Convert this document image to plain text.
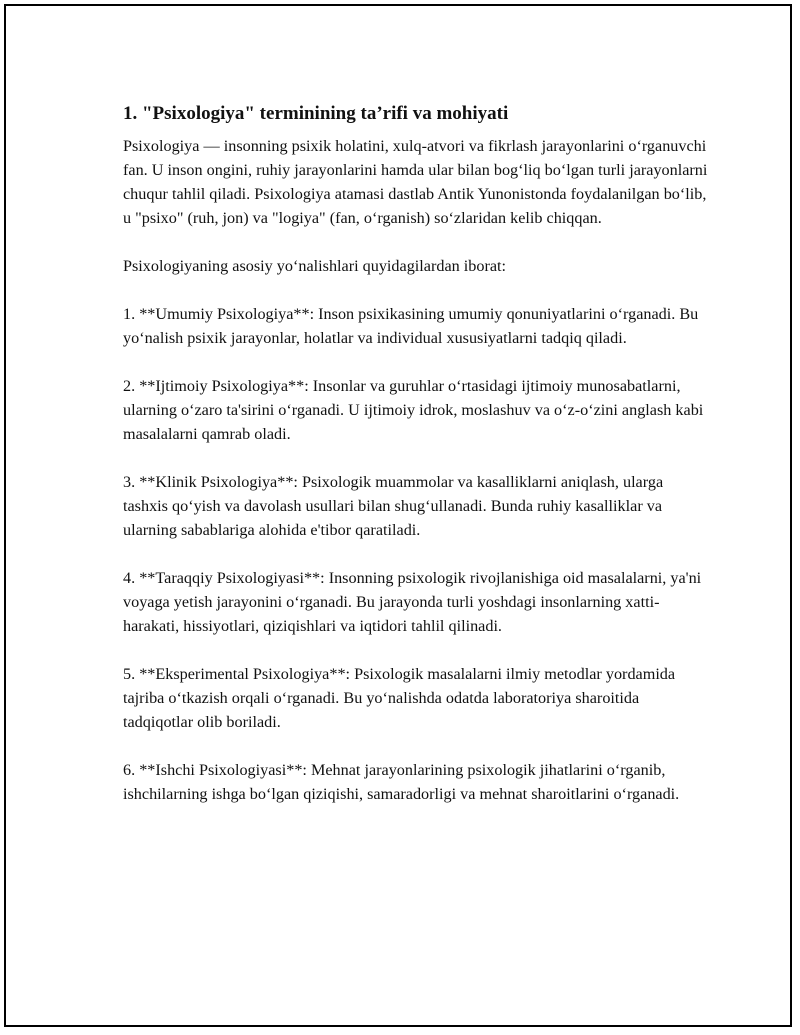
1. "Psixologiya" terminining ta’rifi va mohiyati

Psixologiya — insonning psixik holatini, xulq-atvori va fikrlash jarayonlarini o‘rganuvchi fan. U inson ongini, ruhiy jarayonlarini hamda ular bilan bog‘liq bo‘lgan turli jarayonlarni chuqur tahlil qiladi. Psixologiya atamasi dastlab Antik Yunonistonda foydalanilgan bo‘lib, u "psixo" (ruh, jon) va "logiya" (fan, o‘rganish) so‘zlaridan kelib chiqqan.

Psixologiyaning asosiy yo‘nalishlari quyidagilardan iborat:

1. **Umumiy Psixologiya**: Inson psixikasining umumiy qonuniyatlarini o‘rganadi. Bu yo‘nalish psixik jarayonlar, holatlar va individual xususiyatlarni tadqiq qiladi.

2. **Ijtimoiy Psixologiya**: Insonlar va guruhlar o‘rtasidagi ijtimoiy munosabatlarni, ularning o‘zaro ta'sirini o‘rganadi. U ijtimoiy idrok, moslashuv va o‘z-o‘zini anglash kabi masalalarni qamrab oladi.

3. **Klinik Psixologiya**: Psixologik muammolar va kasalliklarni aniqlash, ularga tashxis qo‘yish va davolash usullari bilan shug‘ullanadi. Bunda ruhiy kasalliklar va ularning sabablariga alohida e'tibor qaratiladi.

4. **Taraqqiy Psixologiyasi**: Insonning psixologik rivojlanishiga oid masalalarni, ya'ni voyaga yetish jarayonini o‘rganadi. Bu jarayonda turli yoshdagi insonlarning xatti-harakati, hissiyotlari, qiziqishlari va iqtidori tahlil qilinadi.

5. **Eksperimental Psixologiya**: Psixologik masalalarni ilmiy metodlar yordamida tajriba o‘tkazish orqali o‘rganadi. Bu yo‘nalishda odatda laboratoriya sharoitida tadqiqotlar olib boriladi.

6. **Ishchi Psixologiyasi**: Mehnat jarayonlarining psixologik jihatlarini o‘rganib, ishchilarning ishga bo‘lgan qiziqishi, samaradorligi va mehnat sharoitlarini o‘rganadi.
